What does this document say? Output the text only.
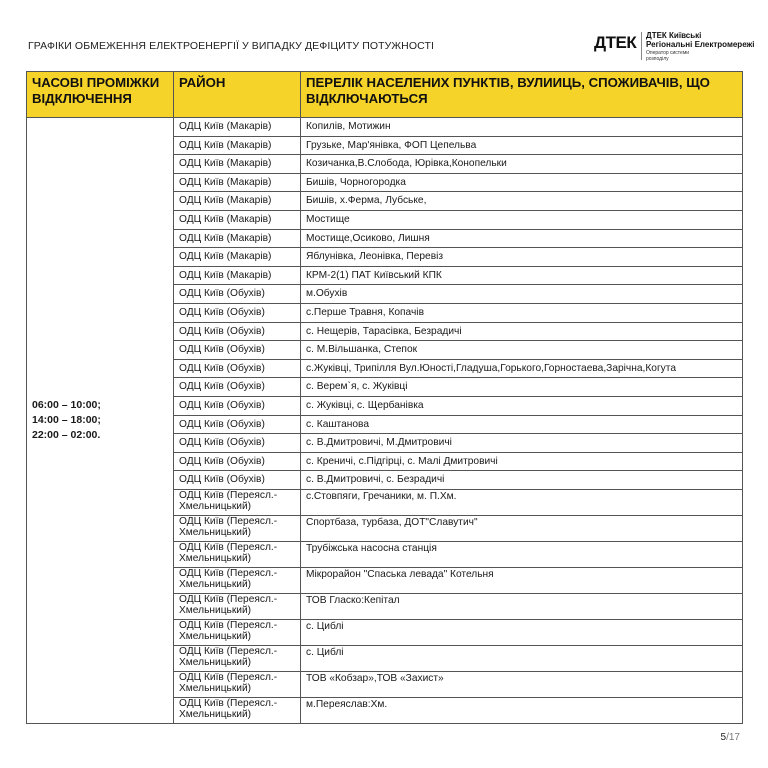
ГРАФІКИ ОБМЕЖЕННЯ ЕЛЕКТРОЕНЕРГІЇ У ВИПАДКУ ДЕФІЦИТУ ПОТУЖНОСТІ	ДТЕК ДТЕК Київські
Регіональні Електромережі
Оператор системи
розподілу
ЧАСОВІ ПРОМІЖКИ ВІДКЛЮЧЕННЯ	РАЙОН	ПЕРЕЛІК НАСЕЛЕНИХ ПУНКТІВ, ВУЛИИЦЬ, СПОЖИВАЧІВ, ЩО ВІДКЛЮЧАЮТЬСЯ

06:00 – 10:00;
14:00 – 18:00;
22:00 – 02:00.	ОДЦ Київ (Макарів)	Копилів, Мотижин
	ОДЦ Київ (Макарів)	Грузьке, Мар'янівка, ФОП Цепельва
	ОДЦ Київ (Макарів)	Козичанка,В.Слобода, Юрівка,Конопельки
	ОДЦ Київ (Макарів)	Бишів, Чорногородка
	ОДЦ Київ (Макарів)	Бишів, х.Ферма, Лубське,
	ОДЦ Київ (Макарів)	Мостище
	ОДЦ Київ (Макарів)	Мостище,Осиково, Лишня
	ОДЦ Київ (Макарів)	Яблунівка, Леонівка, Перевіз
	ОДЦ Київ (Макарів)	КРМ-2(1) ПАТ Київський КПК
	ОДЦ Київ (Обухів)	м.Обухів
	ОДЦ Київ (Обухів)	с.Перше Травня, Копачів
	ОДЦ Київ (Обухів)	с. Нещерів, Тарасівка, Безрадичі
	ОДЦ Київ (Обухів)	с. М.Вільшанка, Степок
	ОДЦ Київ (Обухів)	с.Жуківці, Трипілля Вул.Юності,Гладуша,Горького,Горностаева,Зарічна,Когута
	ОДЦ Київ (Обухів)	с. Верем`я, с. Жуківці
	ОДЦ Київ (Обухів)	с. Жуківці, с. Щербанівка
	ОДЦ Київ (Обухів)	с. Каштанова
	ОДЦ Київ (Обухів)	с. В.Дмитровичі, М.Дмитровичі
	ОДЦ Київ (Обухів)	с. Креничі, с.Підгірці, с. Малі Дмитровичі
	ОДЦ Київ (Обухів)	с. В.Дмитровичі, с. Безрадичі
	ОДЦ Київ (Переясл.-Хмельницький)	с.Стовпяги, Гречаники, м. П.Хм.
	ОДЦ Київ (Переясл.-Хмельницький)	Спортбаза, турбаза, ДОТ"Славутич"
	ОДЦ Київ (Переясл.-Хмельницький)	Трубіжська насосна станція
	ОДЦ Київ (Переясл.-Хмельницький)	Мікрорайон "Спаська левада" Котельня
	ОДЦ Київ (Переясл.-Хмельницький)	ТОВ Гласко:Кепітал
	ОДЦ Київ (Переясл.-Хмельницький)	с. Циблі
	ОДЦ Київ (Переясл.-Хмельницький)	с. Циблі
	ОДЦ Київ (Переясл.-Хмельницький)	ТОВ «Кобзар»,ТОВ «Захист»
	ОДЦ Київ (Переясл.-Хмельницький)	м.Переяслав:Хм.
5/17
